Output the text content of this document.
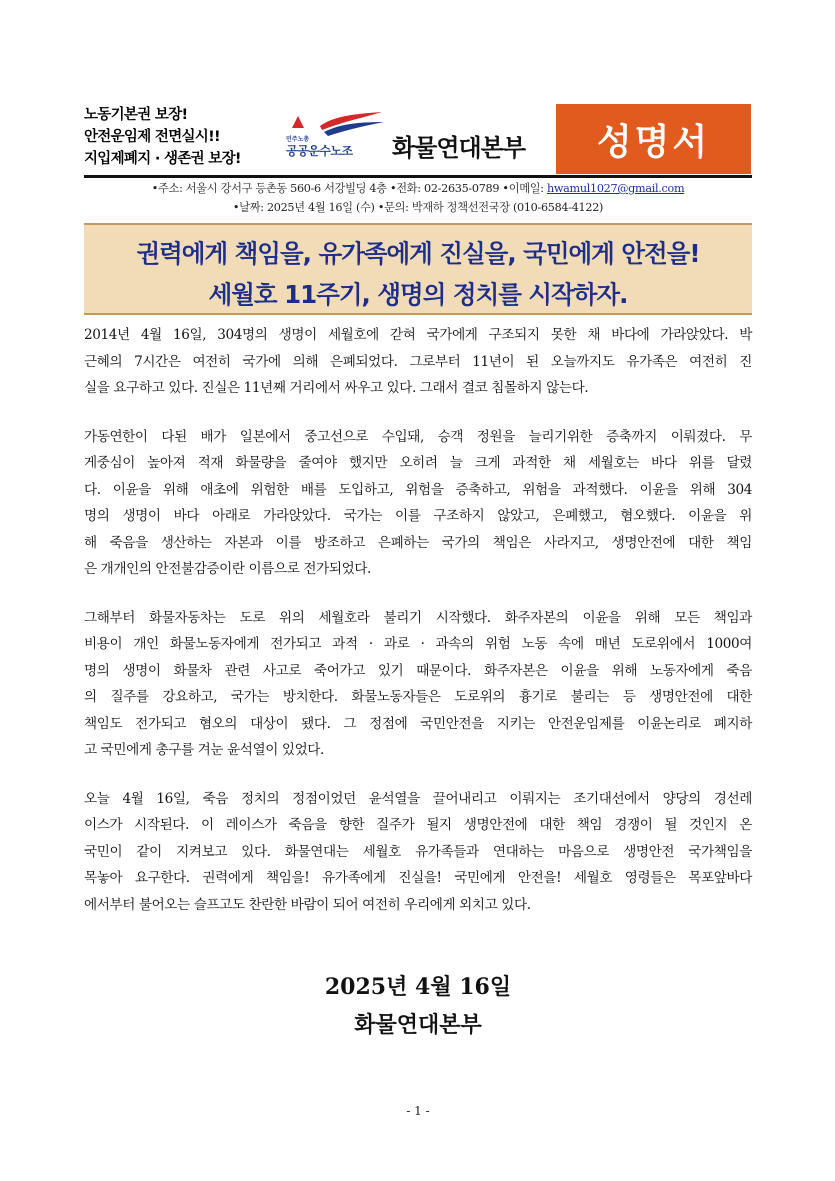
노동기본권 보장!
안전운임제 전면실시!!
지입제폐지 · 생존권 보장!
민주노총
공공운수노조 화물연대본부 성명서
•주소: 서울시 강서구 등촌동 560-6 서강빌딩 4층 •전화: 02-2635-0789 •이메일: hwamul1027@gmail.com
•날짜: 2025년 4월 16일 (수) •문의: 박재하 정책선전국장 (010-6584-4122)
권력에게 책임을, 유가족에게 진실을, 국민에게 안전을!
세월호 11주기, 생명의 정치를 시작하자.
2014년 4월 16일, 304명의 생명이 세월호에 갇혀 국가에게 구조되지 못한 채 바다에 가라앉았다. 박
근혜의 7시간은 여전히 국가에 의해 은폐되었다. 그로부터 11년이 된 오늘까지도 유가족은 여전히 진
실을 요구하고 있다. 진실은 11년째 거리에서 싸우고 있다. 그래서 결코 침몰하지 않는다.
가동연한이 다된 배가 일본에서 중고선으로 수입돼, 승객 정원을 늘리기위한 증축까지 이뤄졌다. 무
게중심이 높아져 적재 화물량을 줄여야 했지만 오히려 늘 크게 과적한 채 세월호는 바다 위를 달렸
다. 이윤을 위해 애초에 위험한 배를 도입하고, 위험을 증축하고, 위험을 과적했다. 이윤을 위해 304
명의 생명이 바다 아래로 가라앉았다. 국가는 이를 구조하지 않았고, 은폐했고, 혐오했다. 이윤을 위
해 죽음을 생산하는 자본과 이를 방조하고 은폐하는 국가의 책임은 사라지고, 생명안전에 대한 책임
은 개개인의 안전불감증이란 이름으로 전가되었다.
그해부터 화물자동차는 도로 위의 세월호라 불리기 시작했다. 화주자본의 이윤을 위해 모든 책임과
비용이 개인 화물노동자에게 전가되고 과적 · 과로 · 과속의 위험 노동 속에 매년 도로위에서 1000여
명의 생명이 화물차 관련 사고로 죽어가고 있기 때문이다. 화주자본은 이윤을 위해 노동자에게 죽음
의 질주를 강요하고, 국가는 방치한다. 화물노동자들은 도로위의 흉기로 불리는 등 생명안전에 대한
책임도 전가되고 혐오의 대상이 됐다. 그 정점에 국민안전을 지키는 안전운임제를 이윤논리로 폐지하
고 국민에게 총구를 겨눈 윤석열이 있었다.
오늘 4월 16일, 죽음 정치의 정점이었던 윤석열을 끌어내리고 이뤄지는 조기대선에서 양당의 경선레
이스가 시작된다. 이 레이스가 죽음을 향한 질주가 될지 생명안전에 대한 책임 경쟁이 될 것인지 온
국민이 같이 지켜보고 있다. 화물연대는 세월호 유가족들과 연대하는 마음으로 생명안전 국가책임을
목놓아 요구한다. 권력에게 책임을! 유가족에게 진실을! 국민에게 안전을! 세월호 영령들은 목포앞바다
에서부터 불어오는 슬프고도 찬란한 바람이 되어 여전히 우리에게 외치고 있다.
2025년 4월 16일
화물연대본부
- 1 -
